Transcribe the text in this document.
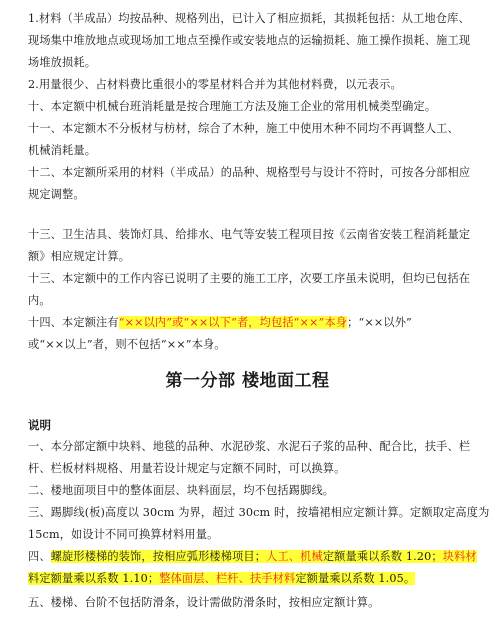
1.材料（半成品）均按品种、规格列出，已计入了相应损耗，其损耗包括：从工地仓库、
现场集中堆放地点或现场加工地点至操作或安装地点的运输损耗、施工操作损耗、施工现
场堆放损耗。
2.用量很少、占材料费比重很小的零星材料合并为其他材料费，以元表示。
十、本定额中机械台班消耗量是按合理施工方法及施工企业的常用机械类型确定。
十一、本定额木不分板材与枋材，综合了木种，施工中使用木种不同均不再调整人工、
机械消耗量。
十二、本定额所采用的材料（半成品）的品种、规格型号与设计不符时，可按各分部相应
规定调整。
十三、卫生洁具、装饰灯具、给排水、电气等安装工程项目按《云南省安装工程消耗量定
额》相应规定计算。
十三、本定额中的工作内容已说明了主要的施工工序，次要工序虽未说明，但均已包括在
内。
十四、本定额注有“××以内”或“××以下”者，均包括“××”本身；“××以外”
或“××以上”者，则不包括“××”本身。
第一分部 楼地面工程
说明
一、本分部定额中块料、地毯的品种、水泥砂浆、水泥石子浆的品种、配合比，扶手、栏
杆、栏板材料规格、用量若设计规定与定额不同时，可以换算。
二、楼地面项目中的整体面层、块料面层，均不包括踢脚线。
三、踢脚线(板)高度以 30cm 为界，超过 30cm 时，按墙裙相应定额计算。定额取定高度为
15cm，如设计不同可换算材料用量。
四、螺旋形楼梯的装饰，按相应弧形楼梯项目；人工、机械定额量乘以系数 1.20；块料材
料定额量乘以系数 1.10；整体面层、栏杆、扶手材料定额量乘以系数 1.05。
五、楼梯、台阶不包括防滑条，设计需做防滑条时，按相应定额计算。
